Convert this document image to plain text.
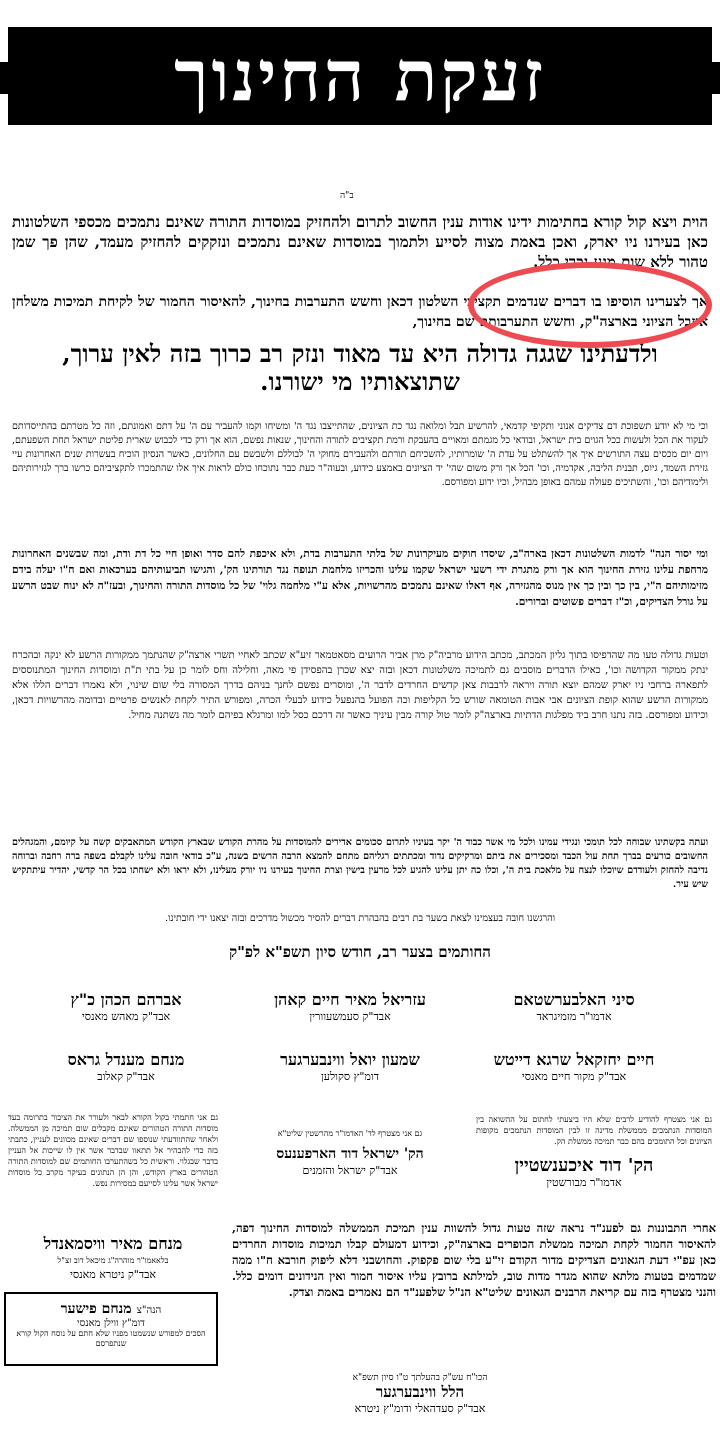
זעקת החינוך
ב"ה
הוית ויצא קול קורא בחתימות ידינו אודות ענין החשוב לתרום ולהחזיק במוסדות התורה שאינם נתמכים מכספי השלטונות כאן בעירנו ניו יארק, ואכן באמת מצוה לסייע ולתמוך במוסדות שאינם נתמכים ונזקקים להחזיק מעמד, שהן פך שמן טהור ללא שום מגע נכרי כלל.
אך לצערינו הוסיפו בו דברים שנדמים תקציבי השלטון דכאן וחשש התערבות בחינוך, להאיסור החמור של לקיחת תמיכות משלחן איזבל הציוני בארצה"ק, וחשש התערבותם שם בחינוך,
ולדעתינו שגגה גדולה היא עד מאוד ונזק רב כרוך בזה לאין ערוך, שתוצאותיו מי ישורנו.
וכי מי לא יודע תשפוכת דם צדיקים אנוני ותקיפי קדמאי, להרשיע תבל ומלואה נגד כת הציונים, שהתייצבו נגד ה' ומשיחו וקמו להעביר עם ה' על דתם ואמונתם, וזה כל מטרתם בהתייסדותם לעקור את הכל ולעשות ככל הגוים בית ישראל, ובודאי כל מגמתם ומאויים בהעבקת ורמת תקציבים לתורה והחינוך, שנאות נפשם, הוא אך ורק כדי לכבוש שארית פליטת ישראל תחת השפעתם, ויום יום מכסים עצה התורשים איך אך להשתלט על עדת ה' שומרותיו, להשכיחם תורתם ולהעבירם מחוקי ה' לבוללם ולשבשם עם החלונים, כאשר הנסיון הוכיח בעשרות שנים האחרונות עיי גזירת השמד, גיוס, תבנית הליבה, אקדמיה, וכו' הכל אך ורק משום שהי' יד הציונים באמצע כידוע, ובעוה"ר כעת כבר נתוכחו כולם לראות איך אלו שהתמכרו לתקציביהם כרשו ברך לגזירותיהם ולימודיהם וכו', והשתיכים פעולה עמהם באופן מבהיל, וכיו ידוע ומפורסם.
ומי יסור הנה" לדמות השלטונות דכאן בארה"ב, שיסדו חוקים מעיקרונות של בלתי התערבות בדת, ולא איכפת להם סדר ואופן חיי כל דת ודת, ומה שבשנים האחרונות מרחפת עלינו גזירת החינוך הוא אך ורק מתגרת ידי רשעי ישראל שקמו עלינו והכריזו מלחמת תנופה נגד תורתינו הק', והגישו תביעותיהם בערכאות ואם ח"ו יעלה בידם מזימותיהם ה"י, בין כך ובין כך אין מנוס מהגזירה, אף דאלו שאינם נתמכים מהרשויות, אלא ע"י מלחמה גלוי' של כל מוסדות התורה והחינוך, ובעז"ה לא ינוח שבט הרשע על גורל הצדיקים, וכ"ז דברים פשוטים וברורים.
וטעות גדולה טעו מה שהדפיסו בתוך גליון המכתב, מכתב הידוע מרביה"ק מרן אביר הרועים מסאטמאר זיע"א שכתב לאחיי תשרי ארצה"ק שהנתמך ממקורות הרשע לא ינקה ובהכרח ינתק ממקור הקדושה וכו', כאילו הדברים מוסבים גם לתמיכה משלטונות דכאן ובזה יצא שכרן בהפסידן פי מאה, וחלילה וחס לומר כן על בתי ת"ת ומוסדות החינוך המתנוססים לתפארה ברחבי ניו יארק שמהם יוצא תורה ויראה לרבבות צאן קדשים החרדים לדבר ה', ומוסרים נפשם לחנך בניהם בדרך המסורה בלי שום שינוי, ולא נאמרו דברים הללו אלא ממקורות הרשע שהוא קופת הציונים אבי אבות הטומאה שורש כל הקליפות וכה הפועל בהנפעל כידוע לבעלי הכרה, ומפורש התיר לקחת לאנשים פרטיים ובדומה מהרשויות דכאן, וכידוע ומפורסם. בזה נתנו חרב ביד מפלגות הדתיות בארצה"ק לומר טול קורה מבין עיניך כאשר זה דרכם כסל למו ומרגלא בפיהם לומר מה נשתנה מחיל.
ועתה בקשתינו שבוחה לכל תומכי ונגידי עמינו ולכל מי אשר כבוד ה' יקר בעיניו לתרום סכומים אדירים להמוסדות על מהרת הקודש שבארץ הקודש המתאבקים קשה על קיומם, והמגהלים החשובים כורעים בברך תחת עול הכבד ומסכירים את ביתם ומרקיקים נדוד ומכתתים רגליהם מתחם להמצא הרבה הרשים בשנה, ע"כ בודאי חובה עלינו לקבלם בשפה ברה רחבה וברוחה נדיבה להחזק ולעודדם שיוכלו לנצח על מלאכת בית ה', וכלו כה יתן עלינו להגיע לכל מרעין בישין וצרת החינוך בעירנו ניו יורק מעלינו, ולא יראו ולא ישחתו בכל הר קדשי, יהדיר עיתתקיש שיש עיר.
והרגשנו חובה בעצמינו לצאת בשער בת רבים בהבהרת דברים להסיר מכשול מדרכים ובזה יצאנו ידי חובתינו.
החותמים בצער רב, חודש סיון תשפ"א לפ"ק
סיני האלבערשטאם
אדמו"ר מזמיגראד
עזריאל מאיר חיים קאהן
אבד"ק סעמשעוורין
אברהם הכהן כ"ץ
אבד"ק מאהש מאנסי
חיים יחזקאל שרגא דייטש
אבד"ק מקור חיים מאנסי
שמעון יואל ווינבערגער
דומ"ץ סקולען
מנחם מענדל גראס
אבד"ק קאלוב
גם אני מצטרף להודיע לרבים שלא היו ביצעתי לחתום על ההשואה בין המוסדות הנתמכים מממשלת מדינה זו לבין המוסדות הנתמכים מקופות הציונים וכל התומכים בהם כבר תמיכה ממשלת הק.
הק' דוד איכענשטיין
אדמו"ר מבורשטין
גם אני מצטרף לד' האדמו"ר מהרשטין שליט"א
הק' ישראל דוד הארפענעס
אבד"ק ישראל והזמנים
גם אני חתמתי בקול הקורא לבאר ולעורר את הציבור בתרומה בעד מוסדות התורה הטהורים שאינם מקבלים שום תמיכה מן הממשלה. ולאחר שהתוודעתי שנוספו שם דברים שאינם מכוונים לעניין, כתבתי בזה כדי להבהיר אל תתאוו שבדבר אשר אין לו שייכות אל העניין בדבר שבגלוי. וראשית כל בשהתערבו החותמים שם למוסדות התורה הטהורים בארץ הקודש, והן הן הנתונים בעיקר מקרב כל מוסדות ישראל אשר עלינו לסייעם במסירות נפש.
מנחם מאיר וויסמאנדל
בלאאמו"ר מוהרה"ג מיכאל דוב זצ"ל
אבד"ק ניטרא מאנסי
הנה"צ מנחם פישער
דומ"ץ ווילן מאנסי
הסכים למפורש שנשמטו מפניו שלא חתם על נוסח הקול קורא שנתפרסם
אחרי התבוננות גם לפענ"ד נראה שזה טעות גדול להשוות ענין תמיכת הממשלה למוסדות החינוך דפה, להאיסור החמור לקחת תמיכה ממשלת הכופרים בארצה"ק, וכידוע דמעולם קבלו תמיכות מוסדות החרדים כאן עפ"י דעת הגאונים הצדיקים מדור הקודם זי"ע בלי שום פקפוק. והחושבני דלא ליפוק חורבא ח"ו ממה שמדמים בטעות מלתא שהוא מגדר מדות טוב, למילתא ברובץ עליו איסור חמור ואין הנידונים דומים כלל. והנני מצטרף בזה עם קריאת הרבנים הגאונים שליט"א הנ"ל שלפענ"ד הם נאמרים באמת וצדק.
הכו"ח עש"ק בהעלתך ט"ו סיון תשפ"א
הלל ווינבערגער
אבד"ק סעדהאלי ודומ"ץ ניטרא
